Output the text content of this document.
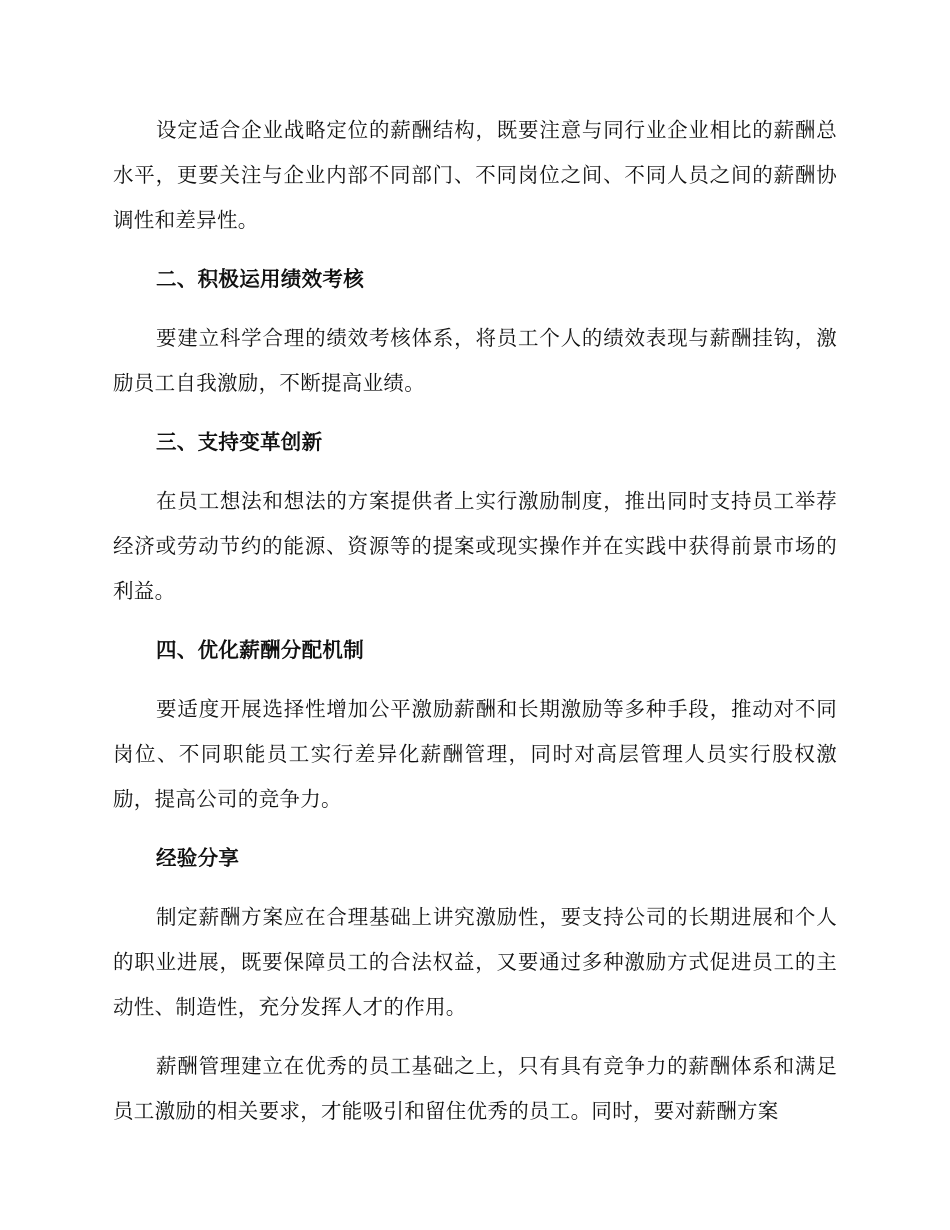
设定适合企业战略定位的薪酬结构，既要注意与同行业企业相比的薪酬总水平，更要关注与企业内部不同部门、不同岗位之间、不同人员之间的薪酬协调性和差异性。

二、积极运用绩效考核

要建立科学合理的绩效考核体系，将员工个人的绩效表现与薪酬挂钩，激励员工自我激励，不断提高业绩。

三、支持变革创新

在员工想法和想法的方案提供者上实行激励制度，推出同时支持员工举荐经济或劳动节约的能源、资源等的提案或现实操作并在实践中获得前景市场的利益。

四、优化薪酬分配机制

要适度开展选择性增加公平激励薪酬和长期激励等多种手段，推动对不同岗位、不同职能员工实行差异化薪酬管理，同时对高层管理人员实行股权激励，提高公司的竞争力。

经验分享

制定薪酬方案应在合理基础上讲究激励性，要支持公司的长期进展和个人的职业进展，既要保障员工的合法权益，又要通过多种激励方式促进员工的主动性、制造性，充分发挥人才的作用。

薪酬管理建立在优秀的员工基础之上，只有具有竞争力的薪酬体系和满足员工激励的相关要求，才能吸引和留住优秀的员工。同时，要对薪酬方案
